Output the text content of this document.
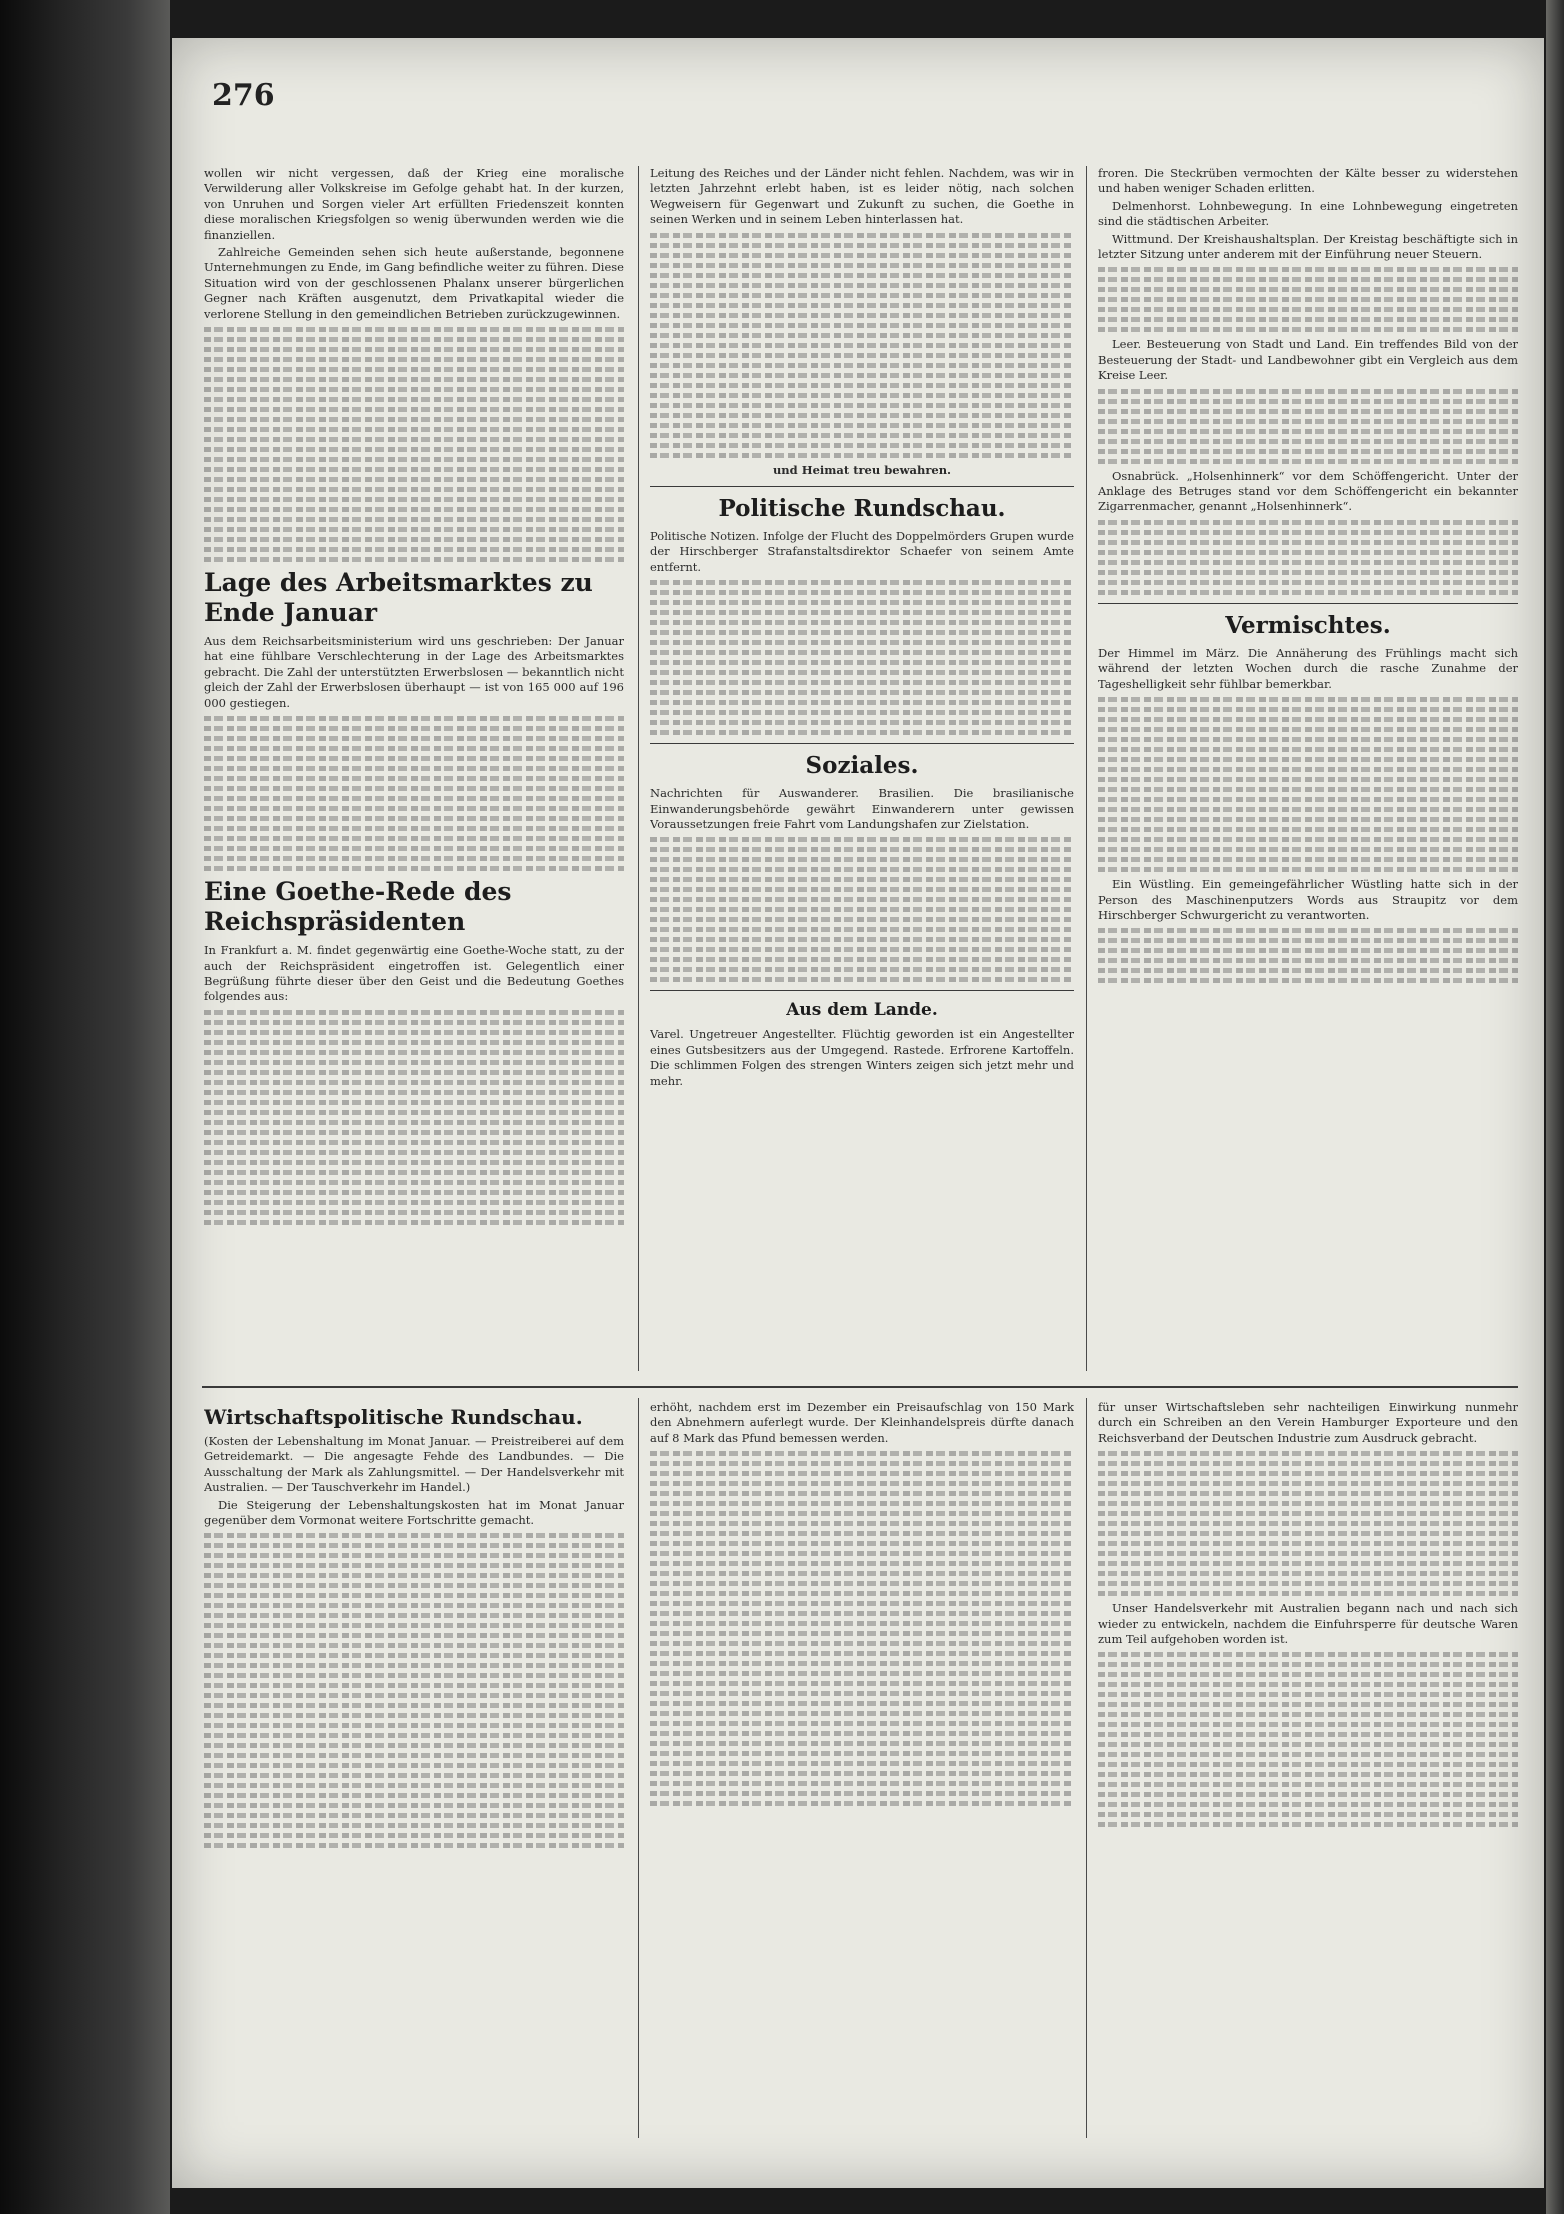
276

wollen wir nicht vergessen, daß der Krieg eine moralische Verwilderung aller Volkskreise im Gefolge gehabt hat. In der kurzen, von Unruhen und Sorgen vieler Art erfüllten Friedenszeit konnten diese moralischen Kriegsfolgen so wenig überwunden werden wie die finanziellen.

Zahlreiche Gemeinden sehen sich heute außerstande, begonnene Unternehmungen zu Ende, im Gang befindliche weiter zu führen. Diese Situation wird von der geschlossenen Phalanx unserer bürgerlichen Gegner nach Kräften ausgenutzt, dem Privatkapital wieder die verlorene Stellung in den gemeindlichen Betrieben zurückzugewinnen.

Lage des Arbeitsmarktes zu Ende Januar

Aus dem Reichsarbeitsministerium wird uns geschrieben: Der Januar hat eine fühlbare Verschlechterung in der Lage des Arbeitsmarktes gebracht. Die Zahl der unterstützten Erwerbslosen — bekanntlich nicht gleich der Zahl der Erwerbslosen überhaupt — ist von 165 000 auf 196 000 gestiegen.

Eine Goethe-Rede des Reichspräsidenten

In Frankfurt a. M. findet gegenwärtig eine Goethe-Woche statt, zu der auch der Reichspräsident eingetroffen ist. Gelegentlich einer Begrüßung führte dieser über den Geist und die Bedeutung Goethes folgendes aus:

Leitung des Reiches und der Länder nicht fehlen. Nachdem, was wir in letzten Jahrzehnt erlebt haben, ist es leider nötig, nach solchen Wegweisern für Gegenwart und Zukunft zu suchen, die Goethe in seinen Werken und in seinem Leben hinterlassen hat.

und Heimat treu bewahren.

Politische Rundschau.

Politische Notizen. Infolge der Flucht des Doppelmörders Grupen wurde der Hirschberger Strafanstaltsdirektor Schaefer von seinem Amte entfernt.

Soziales.

Nachrichten für Auswanderer. Brasilien. Die brasilianische Einwanderungsbehörde gewährt Einwanderern unter gewissen Voraussetzungen freie Fahrt vom Landungshafen zur Zielstation.

Aus dem Lande.

Varel. Ungetreuer Angestellter. Flüchtig geworden ist ein Angestellter eines Gutsbesitzers aus der Umgegend. Rastede. Erfrorene Kartoffeln. Die schlimmen Folgen des strengen Winters zeigen sich jetzt mehr und mehr.

froren. Die Steckrüben vermochten der Kälte besser zu widerstehen und haben weniger Schaden erlitten.

Delmenhorst. Lohnbewegung. In eine Lohnbewegung eingetreten sind die städtischen Arbeiter.

Wittmund. Der Kreishaushaltsplan. Der Kreistag beschäftigte sich in letzter Sitzung unter anderem mit der Einführung neuer Steuern.

Leer. Besteuerung von Stadt und Land. Ein treffendes Bild von der Besteuerung der Stadt- und Landbewohner gibt ein Vergleich aus dem Kreise Leer.

Osnabrück. „Holsenhinnerk“ vor dem Schöffengericht. Unter der Anklage des Betruges stand vor dem Schöffengericht ein bekannter Zigarrenmacher, genannt „Holsenhinnerk“.

Vermischtes.

Der Himmel im März. Die Annäherung des Frühlings macht sich während der letzten Wochen durch die rasche Zunahme der Tageshelligkeit sehr fühlbar bemerkbar.

Ein Wüstling. Ein gemeingefährlicher Wüstling hatte sich in der Person des Maschinenputzers Words aus Straupitz vor dem Hirschberger Schwurgericht zu verantworten.

Wirtschaftspolitische Rundschau.

(Kosten der Lebenshaltung im Monat Januar. — Preistreiberei auf dem Getreidemarkt. — Die angesagte Fehde des Landbundes. — Die Ausschaltung der Mark als Zahlungsmittel. — Der Handelsverkehr mit Australien. — Der Tauschverkehr im Handel.)

Die Steigerung der Lebenshaltungskosten hat im Monat Januar gegenüber dem Vormonat weitere Fortschritte gemacht.

erhöht, nachdem erst im Dezember ein Preisaufschlag von 150 Mark den Abnehmern auferlegt wurde. Der Kleinhandelspreis dürfte danach auf 8 Mark das Pfund bemessen werden.

für unser Wirtschaftsleben sehr nachteiligen Einwirkung nunmehr durch ein Schreiben an den Verein Hamburger Exporteure und den Reichsverband der Deutschen Industrie zum Ausdruck gebracht.

Unser Handelsverkehr mit Australien begann nach und nach sich wieder zu entwickeln, nachdem die Einfuhrsperre für deutsche Waren zum Teil aufgehoben worden ist.
